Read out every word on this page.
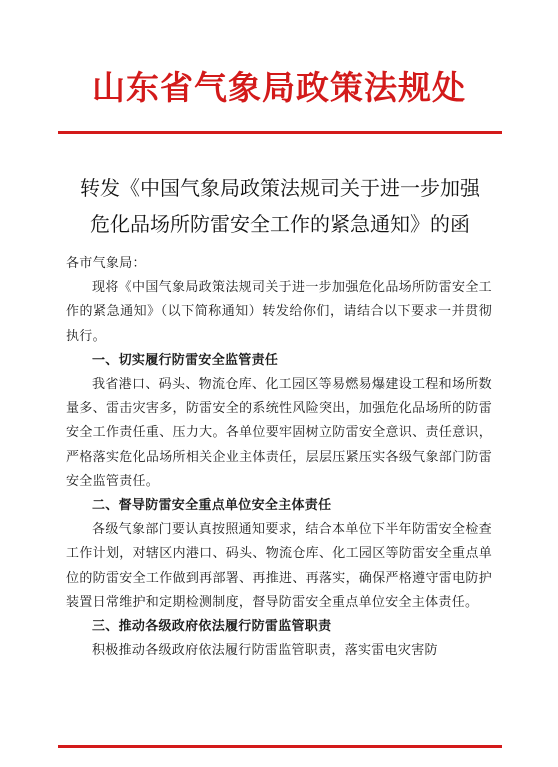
山东省气象局政策法规处
转发《中国气象局政策法规司关于进一步加强
危化品场所防雷安全工作的紧急通知》的函

各市气象局：

现将《中国气象局政策法规司关于进一步加强危化品场所防雷安全工作的紧急通知》（以下简称通知）转发给你们，请结合以下要求一并贯彻执行。

一、切实履行防雷安全监管责任

我省港口、码头、物流仓库、化工园区等易燃易爆建设工程和场所数量多、雷击灾害多，防雷安全的系统性风险突出，加强危化品场所的防雷安全工作责任重、压力大。各单位要牢固树立防雷安全意识、责任意识，严格落实危化品场所相关企业主体责任，层层压紧压实各级气象部门防雷安全监管责任。

二、督导防雷安全重点单位安全主体责任

各级气象部门要认真按照通知要求，结合本单位下半年防雷安全检查工作计划，对辖区内港口、码头、物流仓库、化工园区等防雷安全重点单位的防雷安全工作做到再部署、再推进、再落实，确保严格遵守雷电防护装置日常维护和定期检测制度，督导防雷安全重点单位安全主体责任。

三、推动各级政府依法履行防雷监管职责

积极推动各级政府依法履行防雷监管职责，落实雷电灾害防
